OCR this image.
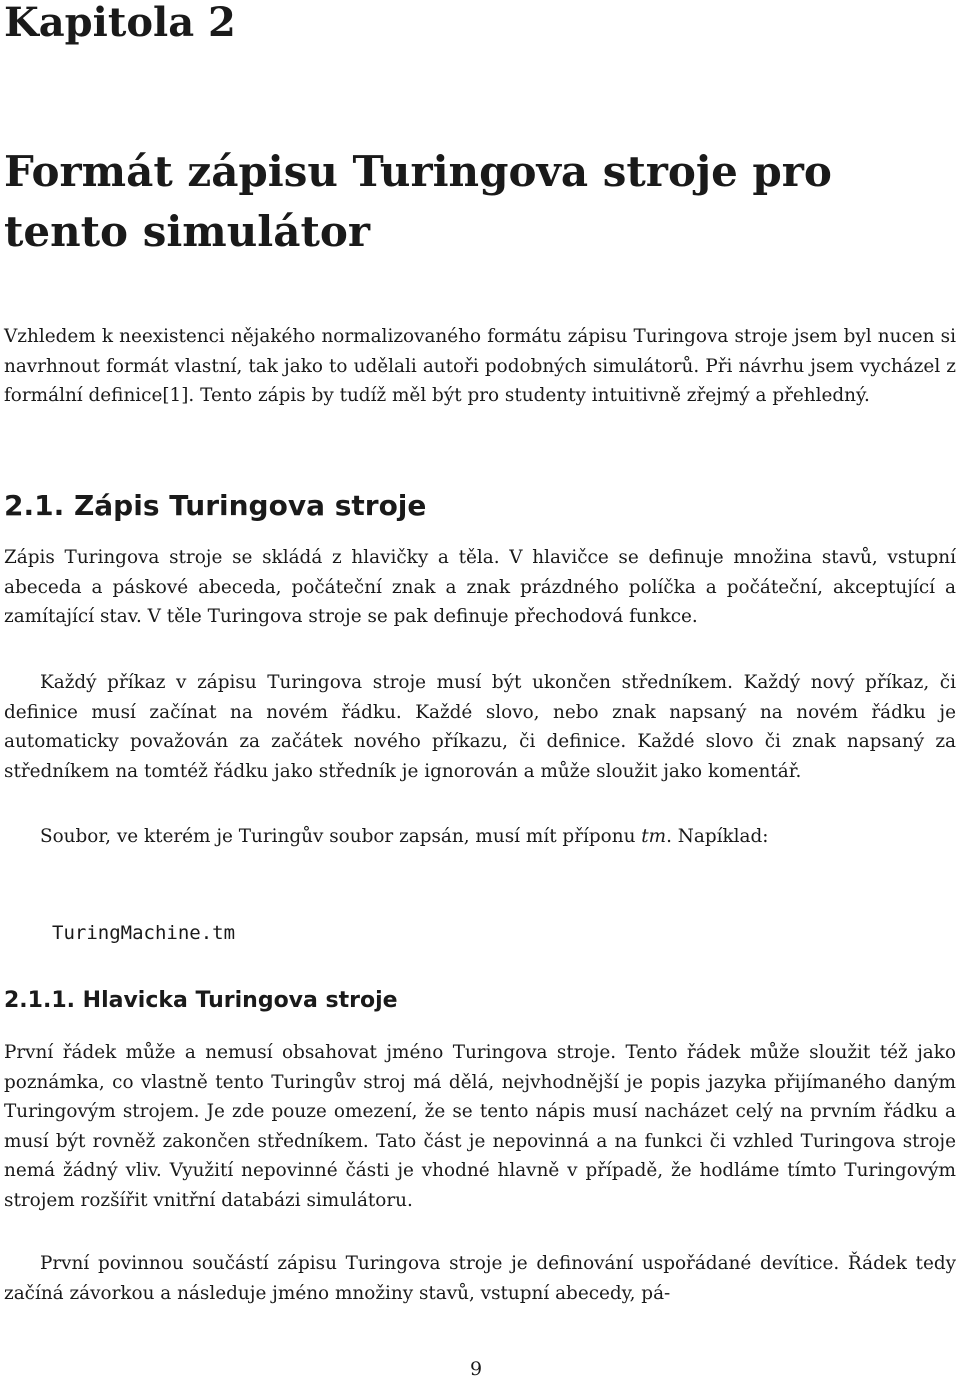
Kapitola 2
Formát zápisu Turingova stroje pro tento simulátor

Vzhledem k neexistenci nějakého normalizovaného formátu zápisu Turingova stroje jsem byl nucen si navrhnout formát vlastní, tak jako to udělali autoři podobných simulátorů. Při návrhu jsem vycházel z formální definice[1]. Tento zápis by tudíž měl být pro studenty intuitivně zřejmý a přehledný.

2.1. Zápis Turingova stroje

Zápis Turingova stroje se skládá z hlavičky a těla. V hlavičce se definuje množina stavů, vstupní abeceda a páskové abeceda, počáteční znak a znak prázdného políčka a počáteční, akceptující a zamítající stav. V těle Turingova stroje se pak definuje přechodová funkce.

Každý příkaz v zápisu Turingova stroje musí být ukončen středníkem. Každý nový příkaz, či definice musí začínat na novém řádku. Každé slovo, nebo znak napsaný na novém řádku je automaticky považován za začátek nového příkazu, či definice. Každé slovo či znak napsaný za středníkem na tomtéž řádku jako středník je ignorován a může sloužit jako komentář.

Soubor, ve kterém je Turingův soubor zapsán, musí mít příponu tm. Napíklad:

TuringMachine.tm
2.1.1. Hlavicka Turingova stroje

První řádek může a nemusí obsahovat jméno Turingova stroje. Tento řádek může sloužit též jako poznámka, co vlastně tento Turingův stroj má dělá, nejvhodnější je popis jazyka přijímaného daným Turingovým strojem. Je zde pouze omezení, že se tento nápis musí nacházet celý na prvním řádku a musí být rovněž zakončen středníkem. Tato část je nepovinná a na funkci či vzhled Turingova stroje nemá žádný vliv. Využití nepovinné části je vhodné hlavně v případě, že hodláme tímto Turingovým strojem rozšířit vnitřní databázi simulátoru.

První povinnou součástí zápisu Turingova stroje je definování uspořádané devítice. Řádek tedy začíná závorkou a následuje jméno množiny stavů, vstupní abecedy, pá-

9
